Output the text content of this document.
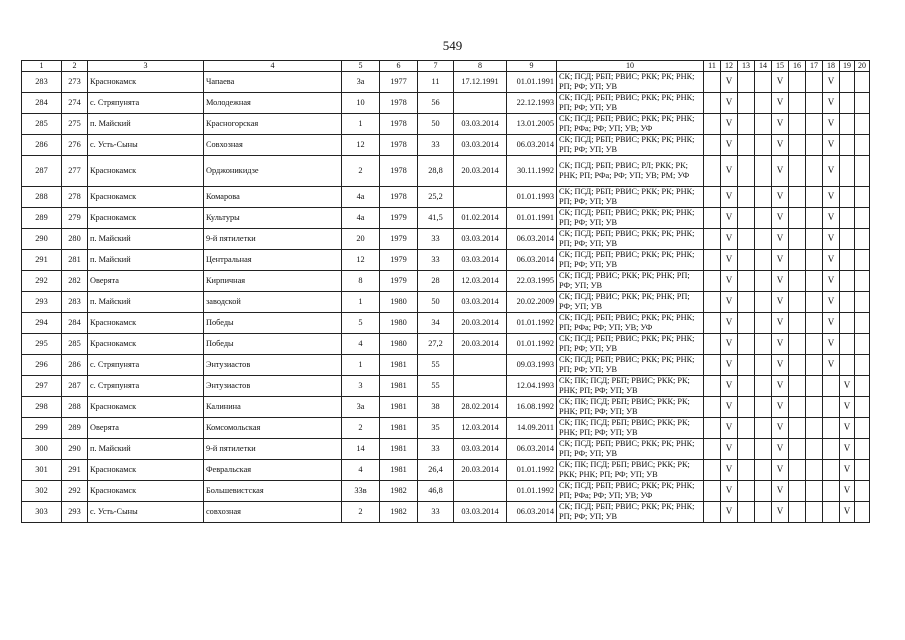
549
1	2	3	4	5	6	7	8	9	10	11	12	13	14	15	16	17	18	19	20
283	273	Краснокамск	Чапаева	3а	1977	11	17.12.1991	01.01.1991	СК; ПСД; РБП; РВИС; РКК; РК; РНК; РП; РФ; УП; УВ		V			V			V		
284	274	с. Стряпунята	Молодежная	10	1978	56		22.12.1993	СК; ПСД; РБП; РВИС; РКК; РК; РНК; РП; РФ; УП; УВ		V			V			V		
285	275	п. Майский	Красногорская	1	1978	50	03.03.2014	13.01.2005	СК; ПСД; РБП; РВИС; РКК; РК; РНК; РП; РФа; РФ; УП; УВ; УФ		V			V			V		
286	276	с. Усть-Сыны	Совхозная	12	1978	33	03.03.2014	06.03.2014	СК; ПСД; РБП; РВИС; РКК; РК; РНК; РП; РФ; УП; УВ		V			V			V		
287	277	Краснокамск	Орджоникидзе	2	1978	28,8	20.03.2014	30.11.1992	СК; ПСД; РБП; РВИС; РЛ; РКК; РК; РНК; РП; РФа; РФ; УП; УВ; РМ; УФ		V			V			V		
288	278	Краснокамск	Комарова	4а	1978	25,2		01.01.1993	СК; ПСД; РБП; РВИС; РКК; РК; РНК; РП; РФ; УП; УВ		V			V			V		
289	279	Краснокамск	Культуры	4а	1979	41,5	01.02.2014	01.01.1991	СК; ПСД; РБП; РВИС; РКК; РК; РНК; РП; РФ; УП; УВ		V			V			V		
290	280	п. Майский	9-й пятилетки	20	1979	33	03.03.2014	06.03.2014	СК; ПСД; РБП; РВИС; РКК; РК; РНК; РП; РФ; УП; УВ		V			V			V		
291	281	п. Майский	Центральная	12	1979	33	03.03.2014	06.03.2014	СК; ПСД; РБП; РВИС; РКК; РК; РНК; РП; РФ; УП; УВ		V			V			V		
292	282	Оверята	Кирпичная	8	1979	28	12.03.2014	22.03.1995	СК; ПСД; РВИС; РКК; РК; РНК; РП; РФ; УП; УВ		V			V			V		
293	283	п. Майский	заводской	1	1980	50	03.03.2014	20.02.2009	СК; ПСД; РВИС; РКК; РК; РНК; РП; РФ; УП; УВ		V			V			V		
294	284	Краснокамск	Победы	5	1980	34	20.03.2014	01.01.1992	СК; ПСД; РБП; РВИС; РКК; РК; РНК; РП; РФа; РФ; УП; УВ; УФ		V			V			V		
295	285	Краснокамск	Победы	4	1980	27,2	20.03.2014	01.01.1992	СК; ПСД; РБП; РВИС; РКК; РК; РНК; РП; РФ; УП; УВ		V			V			V		
296	286	с. Стряпунята	Энтузиастов	1	1981	55		09.03.1993	СК; ПСД; РБП; РВИС; РКК; РК; РНК; РП; РФ; УП; УВ		V			V			V		
297	287	с. Стряпунята	Энтузиастов	3	1981	55		12.04.1993	СК; ПК; ПСД; РБП; РВИС; РКК; РК; РНК; РП; РФ; УП; УВ		V			V				V	
298	288	Краснокамск	Калинина	3а	1981	38	28.02.2014	16.08.1992	СК; ПК; ПСД; РБП; РВИС; РКК; РК; РНК; РП; РФ; УП; УВ		V			V				V	
299	289	Оверята	Комсомольская	2	1981	35	12.03.2014	14.09.2011	СК; ПК; ПСД; РБП; РВИС; РКК; РК; РНК; РП; РФ; УП; УВ		V			V				V	
300	290	п. Майский	9-й пятилетки	14	1981	33	03.03.2014	06.03.2014	СК; ПСД; РБП; РВИС; РКК; РК; РНК; РП; РФ; УП; УВ		V			V				V	
301	291	Краснокамск	Февральская	4	1981	26,4	20.03.2014	01.01.1992	СК; ПК; ПСД; РБП; РВИС; РКК; РК; РКК; РНК; РП; РФ; УП; УВ		V			V				V	
302	292	Краснокамск	Большевистская	33в	1982	46,8		01.01.1992	СК; ПСД; РБП; РВИС; РКК; РК; РНК; РП; РФа; РФ; УП; УВ; УФ		V			V				V	
303	293	с. Усть-Сыны	совхозная	2	1982	33	03.03.2014	06.03.2014	СК; ПСД; РБП; РВИС; РКК; РК; РНК; РП; РФ; УП; УВ		V			V				V	
